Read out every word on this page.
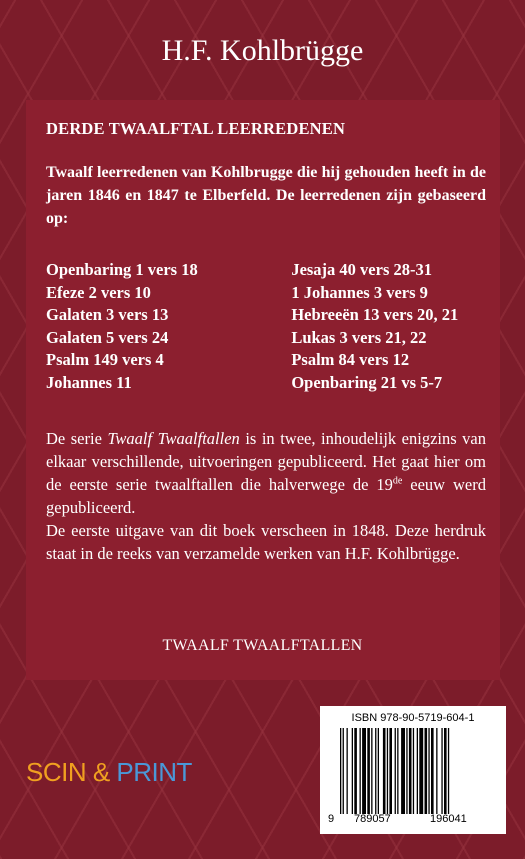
H.F. Kohlbrügge
DERDE TWAALFTAL LEERREDENEN
Twaalf leerredenen van Kohlbrugge die hij gehouden heeft in de jaren 1846 en 1847 te Elberfeld. De leerredenen zijn gebaseerd op:
Openbaring 1 vers 18
Efeze 2 vers 10
Galaten 3 vers 13
Galaten 5 vers 24
Psalm 149 vers 4
Johannes 11
Jesaja 40 vers 28-31
1 Johannes 3 vers 9
Hebreeën 13 vers 20, 21
Lukas 3 vers 21, 22
Psalm 84 vers 12
Openbaring 21 vs 5-7
De serie Twaalf Twaalftallen is in twee, inhoudelijk enigzins van elkaar verschillende, uitvoeringen gepubliceerd. Het gaat hier om de eerste serie twaalftallen die halverwege de 19de eeuw werd gepubliceerd.
De eerste uitgave van dit boek verscheen in 1848. Deze herdruk staat in de reeks van verzamelde werken van H.F. Kohlbrügge.
TWAALF TWAALFTALLEN
SCIN & PRINT
ISBN 978-90-5719-604-1
9 789057	196041
